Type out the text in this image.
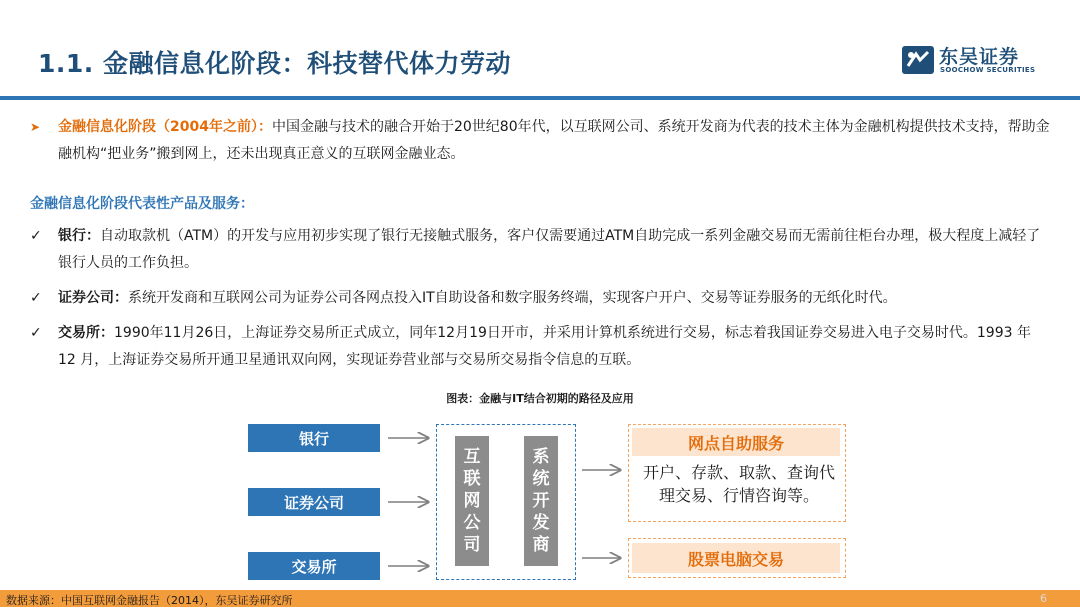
1.1. 金融信息化阶段：科技替代体力劳动	东吴证券
SOOCHOW SECURITIES
➤ 金融信息化阶段（2004年之前）：中国金融与技术的融合开始于20世纪80年代，以互联网公司、系统开发商为代表的技术主体为金融机构提供技术支持，帮助金融机构“把业务”搬到网上，还未出现真正意义的互联网金融业态。
金融信息化阶段代表性产品及服务：
✓ 银行：自动取款机（ATM）的开发与应用初步实现了银行无接触式服务，客户仅需要通过ATM自助完成一系列金融交易而无需前往柜台办理，极大程度上减轻了银行人员的工作负担。
✓ 证券公司：系统开发商和互联网公司为证券公司各网点投入IT自助设备和数字服务终端，实现客户开户、交易等证券服务的无纸化时代。
✓ 交易所：1990年11月26日，上海证券交易所正式成立，同年12月19日开市，并采用计算机系统进行交易，标志着我国证券交易进入电子交易时代。1993 年 12 月，上海证券交易所开通卫星通讯双向网，实现证券营业部与交易所交易指令信息的互联。
图表：金融与IT结合初期的路径及应用
银行
证券公司
交易所
互
联
网
公
司
系
统
开
发
商
网点自助服务
开户、存款、取款、查询代理交易、行情咨询等。
股票电脑交易
数据来源：中国互联网金融报告（2014），东吴证券研究所	6
